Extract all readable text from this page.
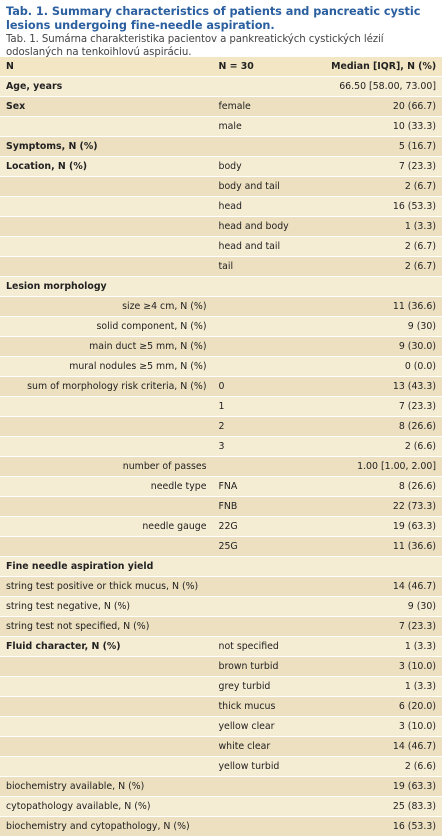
Tab. 1. Summary characteristics of patients and pancreatic cystic lesions undergoing fine-needle aspiration.

Tab. 1. Sumárna charakteristika pacientov a pankreatických cystických lézií odoslaných na tenkoihlovú aspiráciu.

N	N = 30	Median [IQR], N (%)
Age, years		66.50 [58.00, 73.00]
Sex	female	20 (66.7)
	male	10 (33.3)
Symptoms, N (%)		5 (16.7)
Location, N (%)	body	7 (23.3)
	body and tail	2 (6.7)
	head	16 (53.3)
	head and body	1 (3.3)
	head and tail	2 (6.7)
	tail	2 (6.7)
Lesion morphology		
size ≥4 cm, N (%)		11 (36.6)
solid component, N (%)		9 (30)
main duct ≥5 mm, N (%)		9 (30.0)
mural nodules ≥5 mm, N (%)		0 (0.0)
sum of morphology risk criteria, N (%)	0	13 (43.3)
	1	7 (23.3)
	2	8 (26.6)
	3	2 (6.6)
number of passes		1.00 [1.00, 2.00]
needle type	FNA	8 (26.6)
	FNB	22 (73.3)
needle gauge	22G	19 (63.3)
	25G	11 (36.6)
Fine needle aspiration yield		
string test positive or thick mucus, N (%)		14 (46.7)
string test negative, N (%)		9 (30)
string test not specified, N (%)		7 (23.3)
Fluid character, N (%)	not specified	1 (3.3)
	brown turbid	3 (10.0)
	grey turbid	1 (3.3)
	thick mucus	6 (20.0)
	yellow clear	3 (10.0)
	white clear	14 (46.7)
	yellow turbid	2 (6.6)
biochemistry available, N (%)		19 (63.3)
cytopathology available, N (%)		25 (83.3)
biochemistry and cytopathology, N (%)		16 (53.3)
